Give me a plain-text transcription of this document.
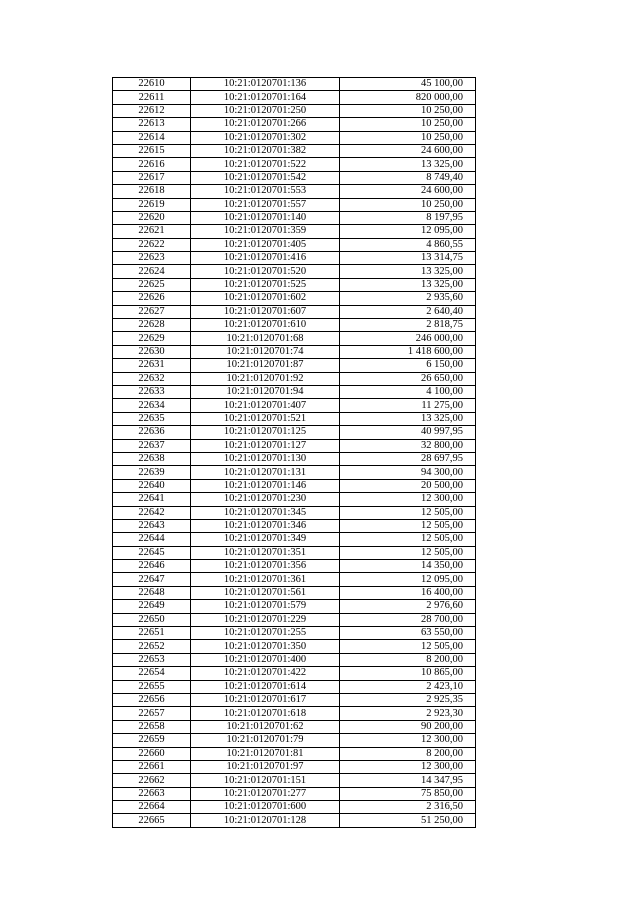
22610	10:21:0120701:136	45 100,00
22611	10:21:0120701:164	820 000,00
22612	10:21:0120701:250	10 250,00
22613	10:21:0120701:266	10 250,00
22614	10:21:0120701:302	10 250,00
22615	10:21:0120701:382	24 600,00
22616	10:21:0120701:522	13 325,00
22617	10:21:0120701:542	8 749,40
22618	10:21:0120701:553	24 600,00
22619	10:21:0120701:557	10 250,00
22620	10:21:0120701:140	8 197,95
22621	10:21:0120701:359	12 095,00
22622	10:21:0120701:405	4 860,55
22623	10:21:0120701:416	13 314,75
22624	10:21:0120701:520	13 325,00
22625	10:21:0120701:525	13 325,00
22626	10:21:0120701:602	2 935,60
22627	10:21:0120701:607	2 640,40
22628	10:21:0120701:610	2 818,75
22629	10:21:0120701:68	246 000,00
22630	10:21:0120701:74	1 418 600,00
22631	10:21:0120701:87	6 150,00
22632	10:21:0120701:92	26 650,00
22633	10:21:0120701:94	4 100,00
22634	10:21:0120701:407	11 275,00
22635	10:21:0120701:521	13 325,00
22636	10:21:0120701:125	40 997,95
22637	10:21:0120701:127	32 800,00
22638	10:21:0120701:130	28 697,95
22639	10:21:0120701:131	94 300,00
22640	10:21:0120701:146	20 500,00
22641	10:21:0120701:230	12 300,00
22642	10:21:0120701:345	12 505,00
22643	10:21:0120701:346	12 505,00
22644	10:21:0120701:349	12 505,00
22645	10:21:0120701:351	12 505,00
22646	10:21:0120701:356	14 350,00
22647	10:21:0120701:361	12 095,00
22648	10:21:0120701:561	16 400,00
22649	10:21:0120701:579	2 976,60
22650	10:21:0120701:229	28 700,00
22651	10:21:0120701:255	63 550,00
22652	10:21:0120701:350	12 505,00
22653	10:21:0120701:400	8 200,00
22654	10:21:0120701:422	10 865,00
22655	10:21:0120701:614	2 423,10
22656	10:21:0120701:617	2 925,35
22657	10:21:0120701:618	2 923,30
22658	10:21:0120701:62	90 200,00
22659	10:21:0120701:79	12 300,00
22660	10:21:0120701:81	8 200,00
22661	10:21:0120701:97	12 300,00
22662	10:21:0120701:151	14 347,95
22663	10:21:0120701:277	75 850,00
22664	10:21:0120701:600	2 316,50
22665	10:21:0120701:128	51 250,00
